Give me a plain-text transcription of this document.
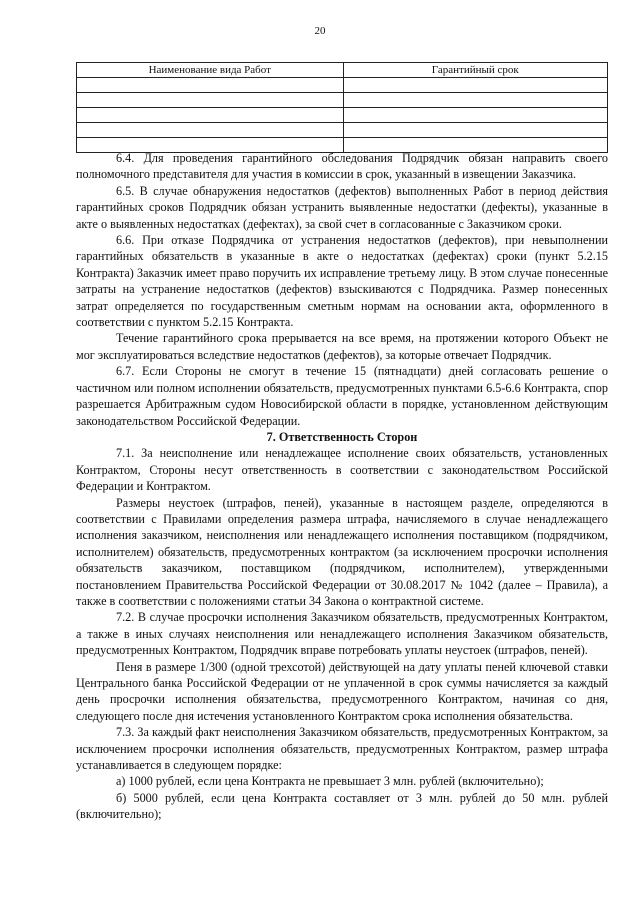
20
Наименование вида Работ	Гарантийный срок

6.4. Для проведения гарантийного обследования Подрядчик обязан направить своего полномочного представителя для участия в комиссии в срок, указанный в извещении Заказчика.

6.5. В случае обнаружения недостатков (дефектов) выполненных Работ в период действия гарантийных сроков Подрядчик обязан устранить выявленные недостатки (дефекты), указанные в акте о выявленных недостатках (дефектах), за свой счет в согласованные с Заказчиком сроки.

6.6. При отказе Подрядчика от устранения недостатков (дефектов), при невыполнении гарантийных обязательств в указанные в акте о недостатках (дефектах) сроки (пункт 5.2.15 Контракта) Заказчик имеет право поручить их исправление третьему лицу. В этом случае понесенные затраты на устранение недостатков (дефектов) взыскиваются с Подрядчика. Размер понесенных затрат определяется по государственным сметным нормам на основании акта, оформленного в соответствии с пунктом 5.2.15 Контракта.

Течение гарантийного срока прерывается на все время, на протяжении которого Объект не мог эксплуатироваться вследствие недостатков (дефектов), за которые отвечает Подрядчик.

6.7. Если Стороны не смогут в течение 15 (пятнадцати) дней согласовать решение о частичном или полном исполнении обязательств, предусмотренных пунктами 6.5-6.6 Контракта, спор разрешается Арбитражным судом Новосибирской области в порядке, установленном действующим законодательством Российской Федерации.

7. Ответственность Сторон

7.1. За неисполнение или ненадлежащее исполнение своих обязательств, установленных Контрактом, Стороны несут ответственность в соответствии с законодательством Российской Федерации и Контрактом.

Размеры неустоек (штрафов, пеней), указанные в настоящем разделе, определяются в соответствии с Правилами определения размера штрафа, начисляемого в случае ненадлежащего исполнения заказчиком, неисполнения или ненадлежащего исполнения поставщиком (подрядчиком, исполнителем) обязательств, предусмотренных контрактом (за исключением просрочки исполнения обязательств заказчиком, поставщиком (подрядчиком, исполнителем), утвержденными постановлением Правительства Российской Федерации от 30.08.2017 № 1042 (далее – Правила), а также в соответствии с положениями статьи 34 Закона о контрактной системе.

7.2. В случае просрочки исполнения Заказчиком обязательств, предусмотренных Контрактом, а также в иных случаях неисполнения или ненадлежащего исполнения Заказчиком обязательств, предусмотренных Контрактом, Подрядчик вправе потребовать уплаты неустоек (штрафов, пеней).

Пеня в размере 1/300 (одной трехсотой) действующей на дату уплаты пеней ключевой ставки Центрального банка Российской Федерации от не уплаченной в срок суммы начисляется за каждый день просрочки исполнения обязательства, предусмотренного Контрактом, начиная со дня, следующего после дня истечения установленного Контрактом срока исполнения обязательства.

7.3. За каждый факт неисполнения Заказчиком обязательств, предусмотренных Контрактом, за исключением просрочки исполнения обязательств, предусмотренных Контрактом, размер штрафа устанавливается в следующем порядке:

а) 1000 рублей, если цена Контракта не превышает 3 млн. рублей (включительно);

б) 5000 рублей, если цена Контракта составляет от 3 млн. рублей до 50 млн. рублей (включительно);
